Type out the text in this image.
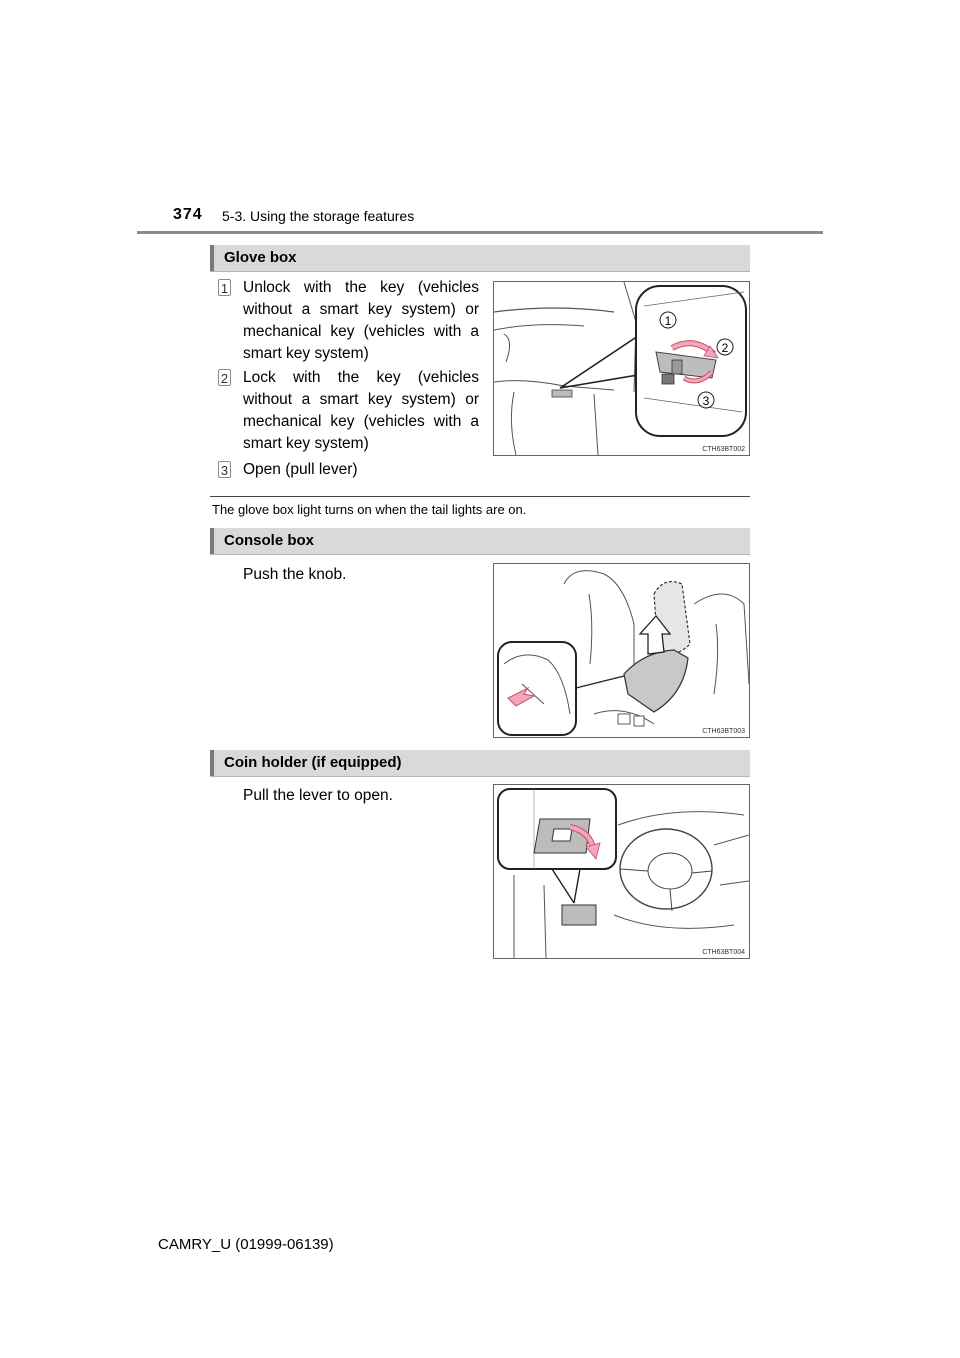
374 5-3. Using the storage features
Glove box
1 Unlock with the key (vehicles without a smart key system) or mechanical key (vehicles with a smart key system)
2 Lock with the key (vehicles without a smart key system) or mechanical key (vehicles with a smart key system)
3 Open (pull lever)
1
2
3
CTH63BT002
The glove box light turns on when the tail lights are on.
Console box
Push the knob.
CTH63BT003
Coin holder (if equipped)
Pull the lever to open.
CTH63BT004
CAMRY_U (01999-06139)
